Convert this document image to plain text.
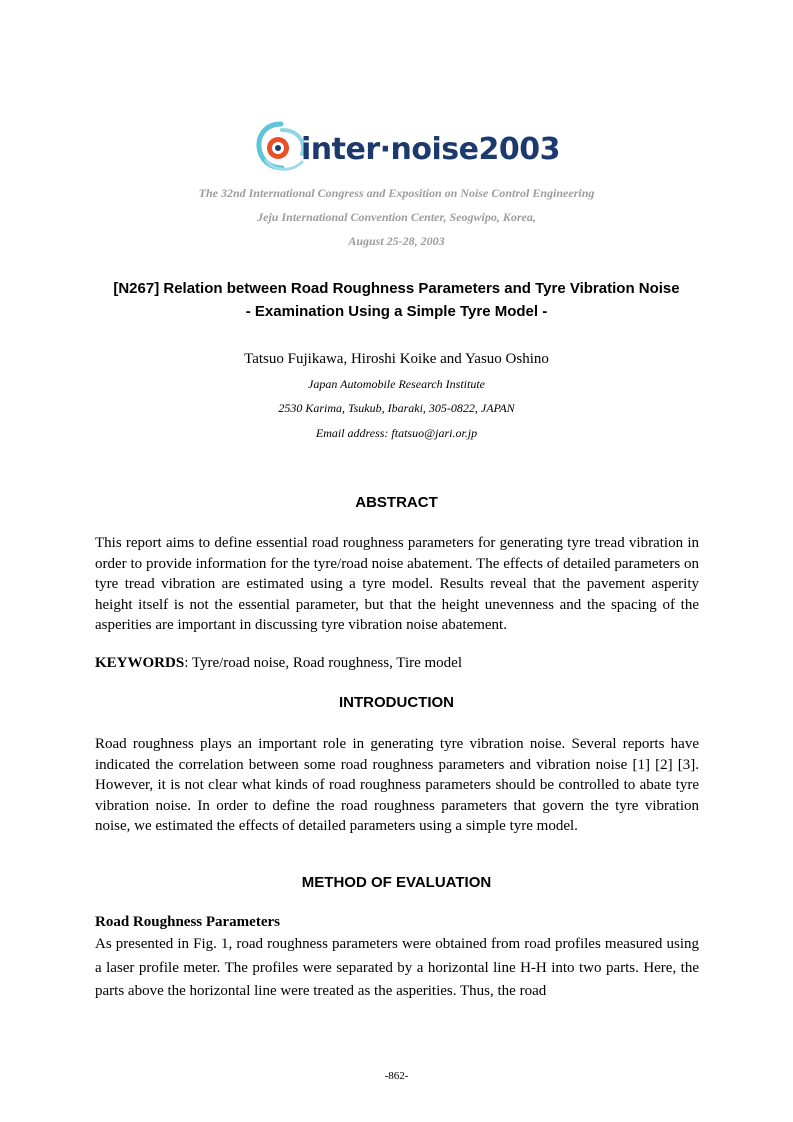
inter·noise2003
The 32nd International Congress and Exposition on Noise Control Engineering
Jeju International Convention Center, Seogwipo, Korea,
August 25-28, 2003
[N267] Relation between Road Roughness Parameters and Tyre Vibration Noise
- Examination Using a Simple Tyre Model -
Tatsuo Fujikawa, Hiroshi Koike and Yasuo Oshino
Japan Automobile Research Institute
2530 Karima, Tsukub, Ibaraki, 305-0822, JAPAN
Email address: ftatsuo@jari.or.jp
ABSTRACT

This report aims to define essential road roughness parameters for generating tyre tread vibration in order to provide information for the tyre/road noise abatement. The effects of detailed parameters on tyre tread vibration are estimated using a tyre model. Results reveal that the pavement asperity height itself is not the essential parameter, but that the height unevenness and the spacing of the asperities are important in discussing tyre vibration noise abatement.

KEYWORDS: Tyre/road noise, Road roughness, Tire model
INTRODUCTION

Road roughness plays an important role in generating tyre vibration noise. Several reports have indicated the correlation between some road roughness parameters and vibration noise [1] [2] [3]. However, it is not clear what kinds of road roughness parameters should be controlled to abate tyre vibration noise. In order to define the road roughness parameters that govern the tyre vibration noise, we estimated the effects of detailed parameters using a simple tyre model.

METHOD OF EVALUATION
Road Roughness Parameters

As presented in Fig. 1, road roughness parameters were obtained from road profiles measured using a laser profile meter. The profiles were separated by a horizontal line H-H into two parts. Here, the parts above the horizontal line were treated as the asperities. Thus, the road

-862-
